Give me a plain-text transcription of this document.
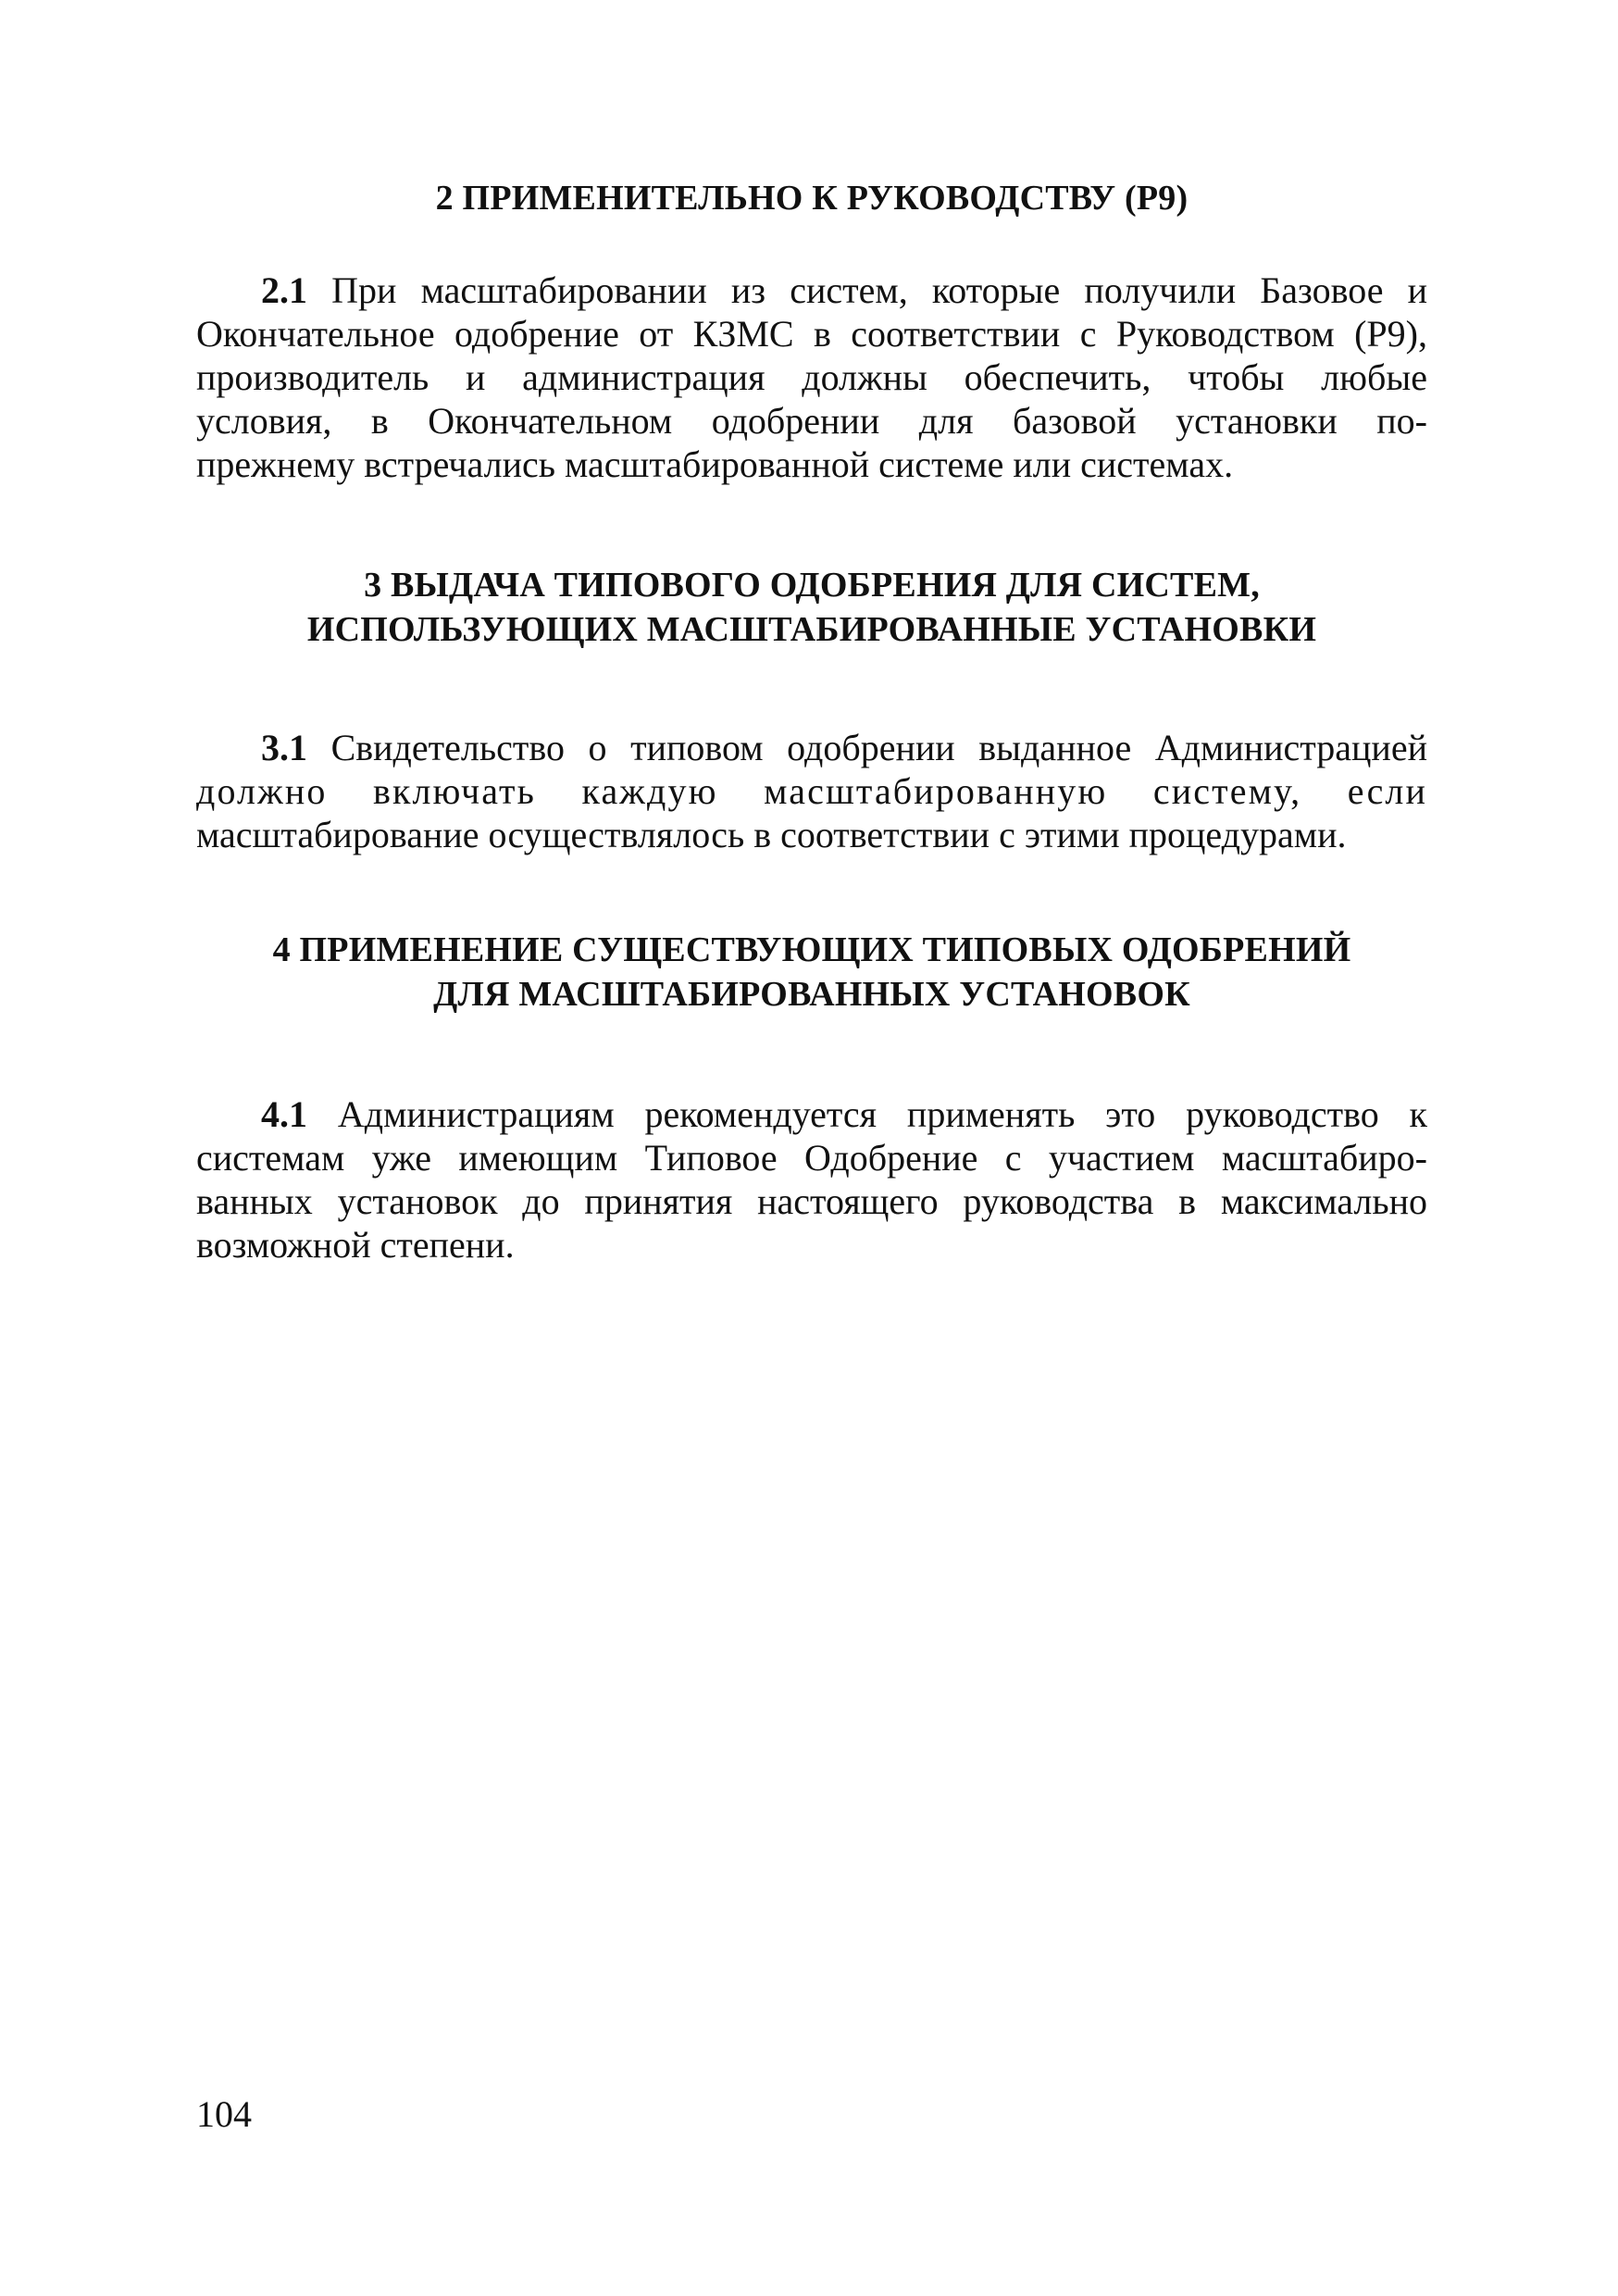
2 ПРИМЕНИТЕЛЬНО К РУКОВОДСТВУ (Р9)
2.1 При масштабировании из систем, которые получили Базовое и
Окончательное одобрение от КЗМС в соответствии с Руководством (Р9),
производитель и администрация должны обеспечить, чтобы любые
условия, в Окончательном одобрении для базовой установки по-
прежнему встречались масштабированной системе или системах.
3 ВЫДАЧА ТИПОВОГО ОДОБРЕНИЯ ДЛЯ СИСТЕМ,
ИСПОЛЬЗУЮЩИХ МАСШТАБИРОВАННЫЕ УСТАНОВКИ
3.1 Свидетельство о типовом одобрении выданное Администрацией
должно включать каждую масштабированную систему, если
масштабирование осуществлялось в соответствии с этими процедурами.
4 ПРИМЕНЕНИЕ СУЩЕСТВУЮЩИХ ТИПОВЫХ ОДОБРЕНИЙ
ДЛЯ МАСШТАБИРОВАННЫХ УСТАНОВОК
4.1 Администрациям рекомендуется применять это руководство к
системам уже имеющим Типовое Одобрение с участием масштабиро-
ванных установок до принятия настоящего руководства в максимально
возможной степени.
104
